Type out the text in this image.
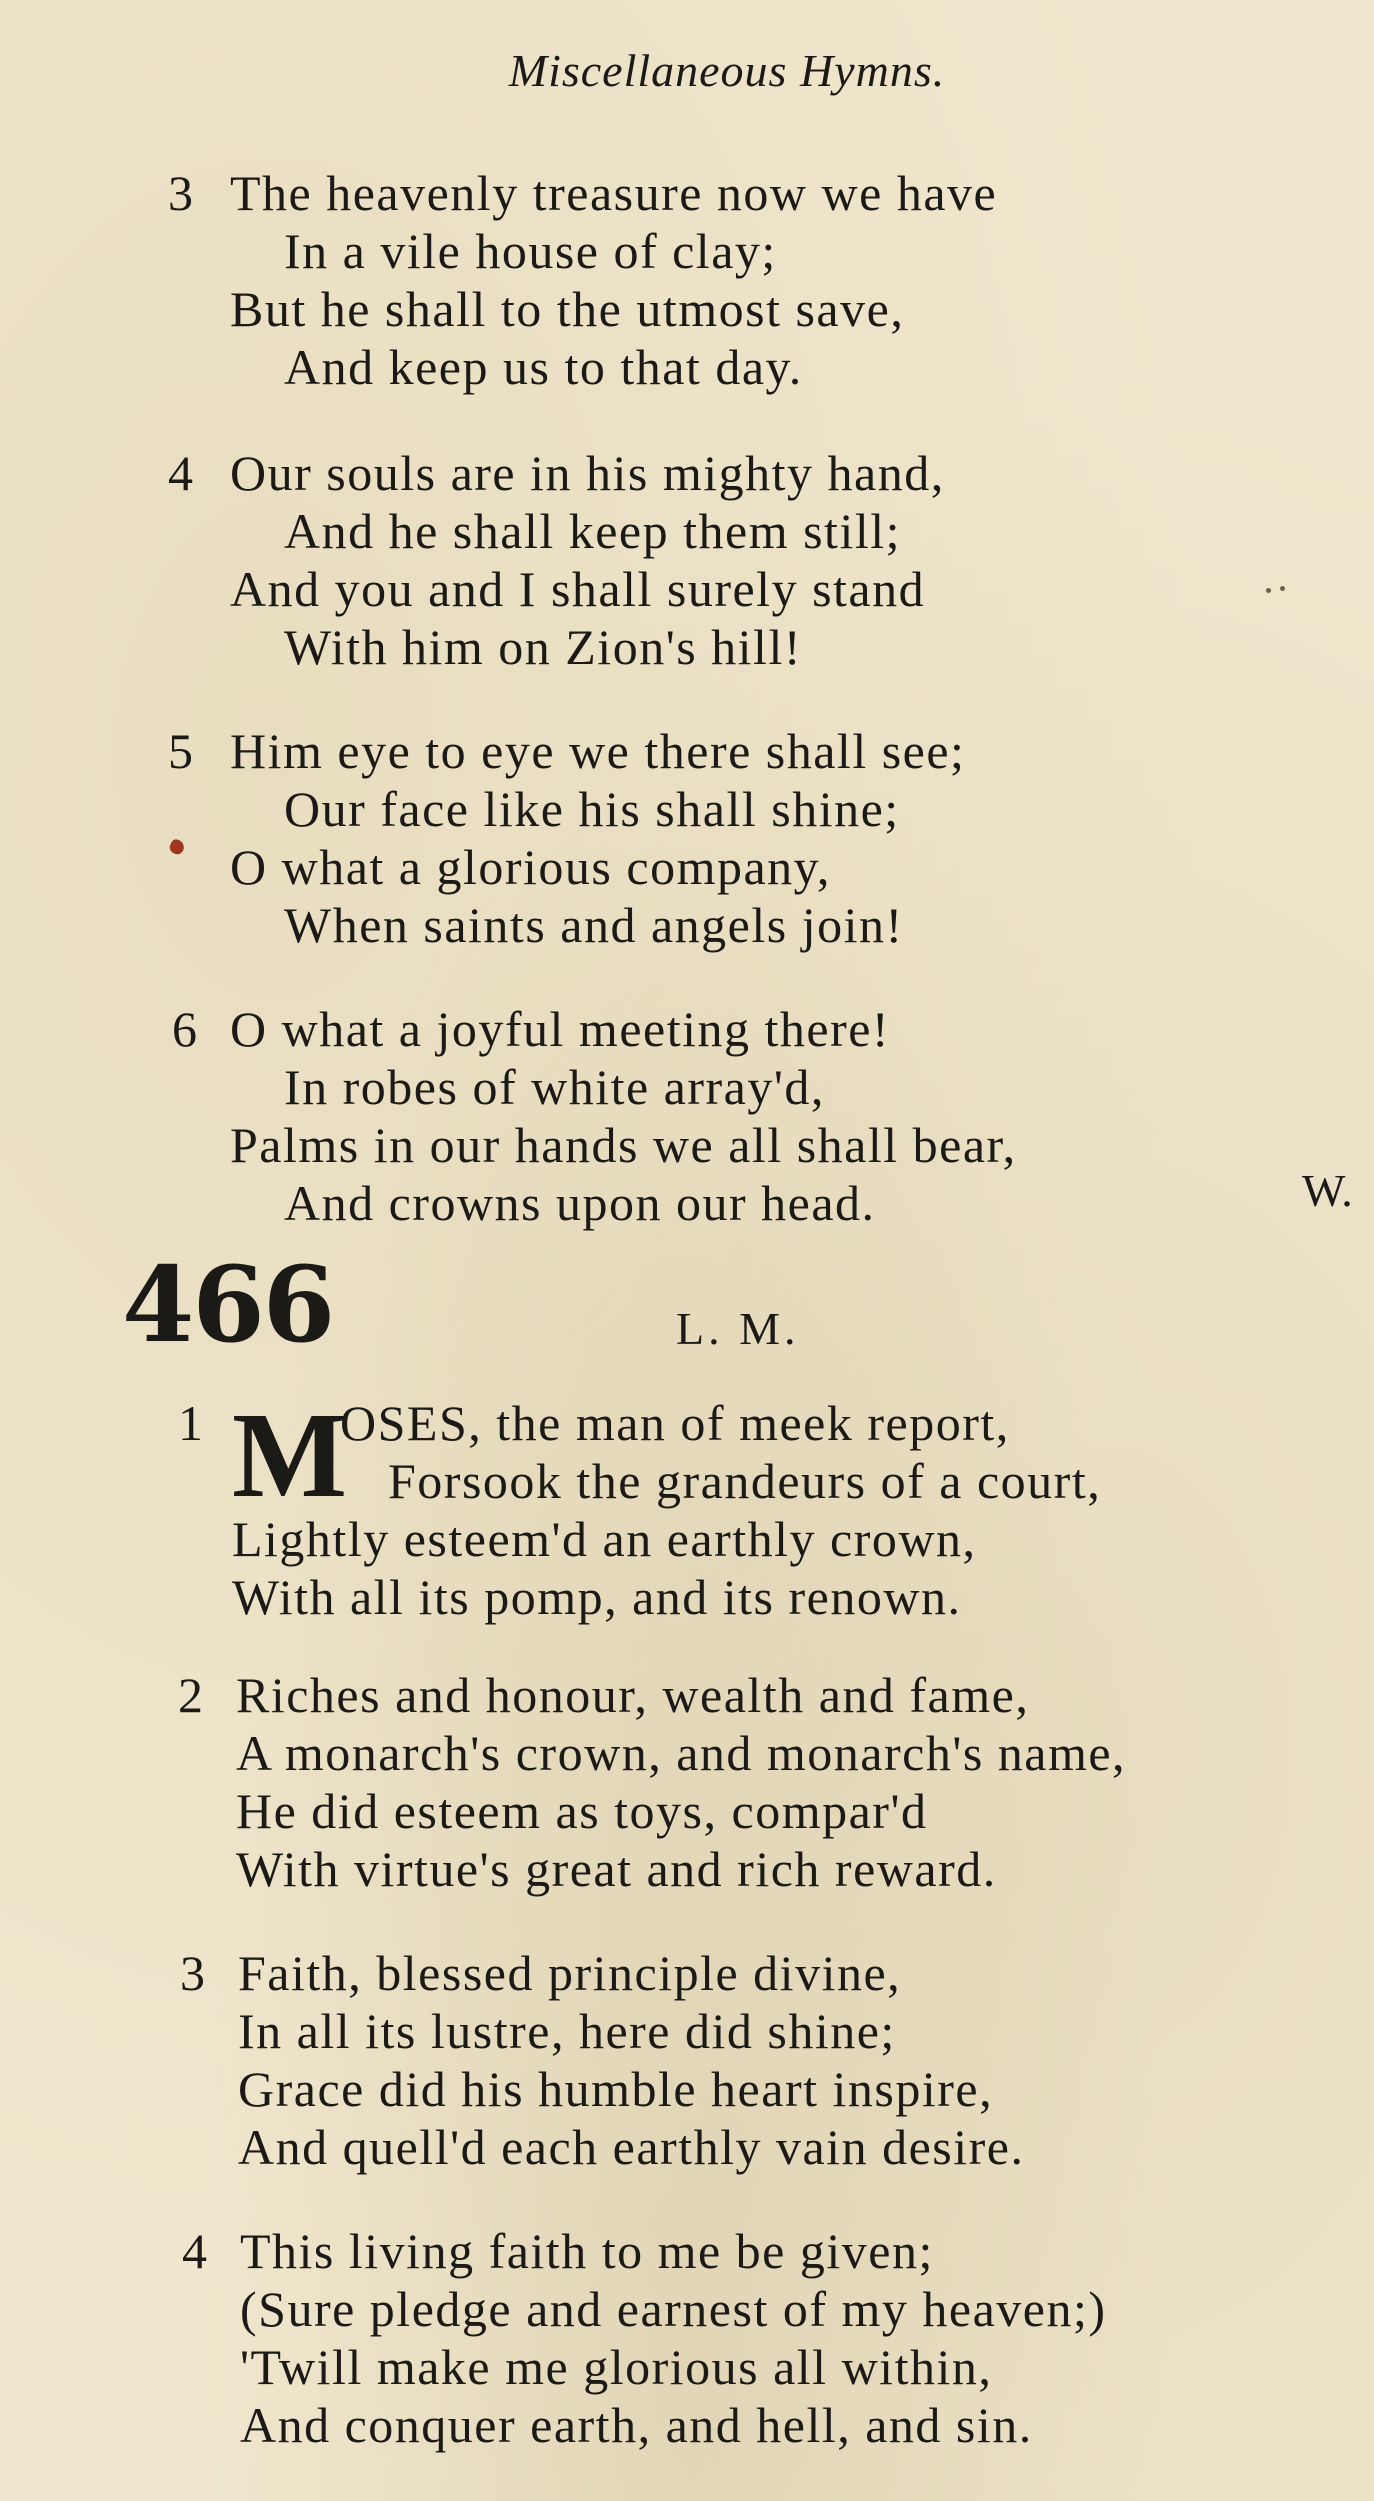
Miscellaneous Hymns.
3 The heavenly treasure now we have
In a vile house of clay;
But he shall to the utmost save,
And keep us to that day.
4 Our souls are in his mighty hand,
And he shall keep them still;
And you and I shall surely stand
With him on Zion's hill!
5 Him eye to eye we there shall see;
Our face like his shall shine;
O what a glorious company,
When saints and angels join!
6 O what a joyful meeting there!
In robes of white array'd,
Palms in our hands we all shall bear,
And crowns upon our head.	W.
466	L. M.
1 M
OSES, the man of meek report,
Forsook the grandeurs of a court,
Lightly esteem'd an earthly crown,
With all its pomp, and its renown.
2 Riches and honour, wealth and fame,
A monarch's crown, and monarch's name,
He did esteem as toys, compar'd
With virtue's great and rich reward.
3 Faith, blessed principle divine,
In all its lustre, here did shine;
Grace did his humble heart inspire,
And quell'd each earthly vain desire.
4 This living faith to me be given;
(Sure pledge and earnest of my heaven;)
'Twill make me glorious all within,
And conquer earth, and hell, and sin.
